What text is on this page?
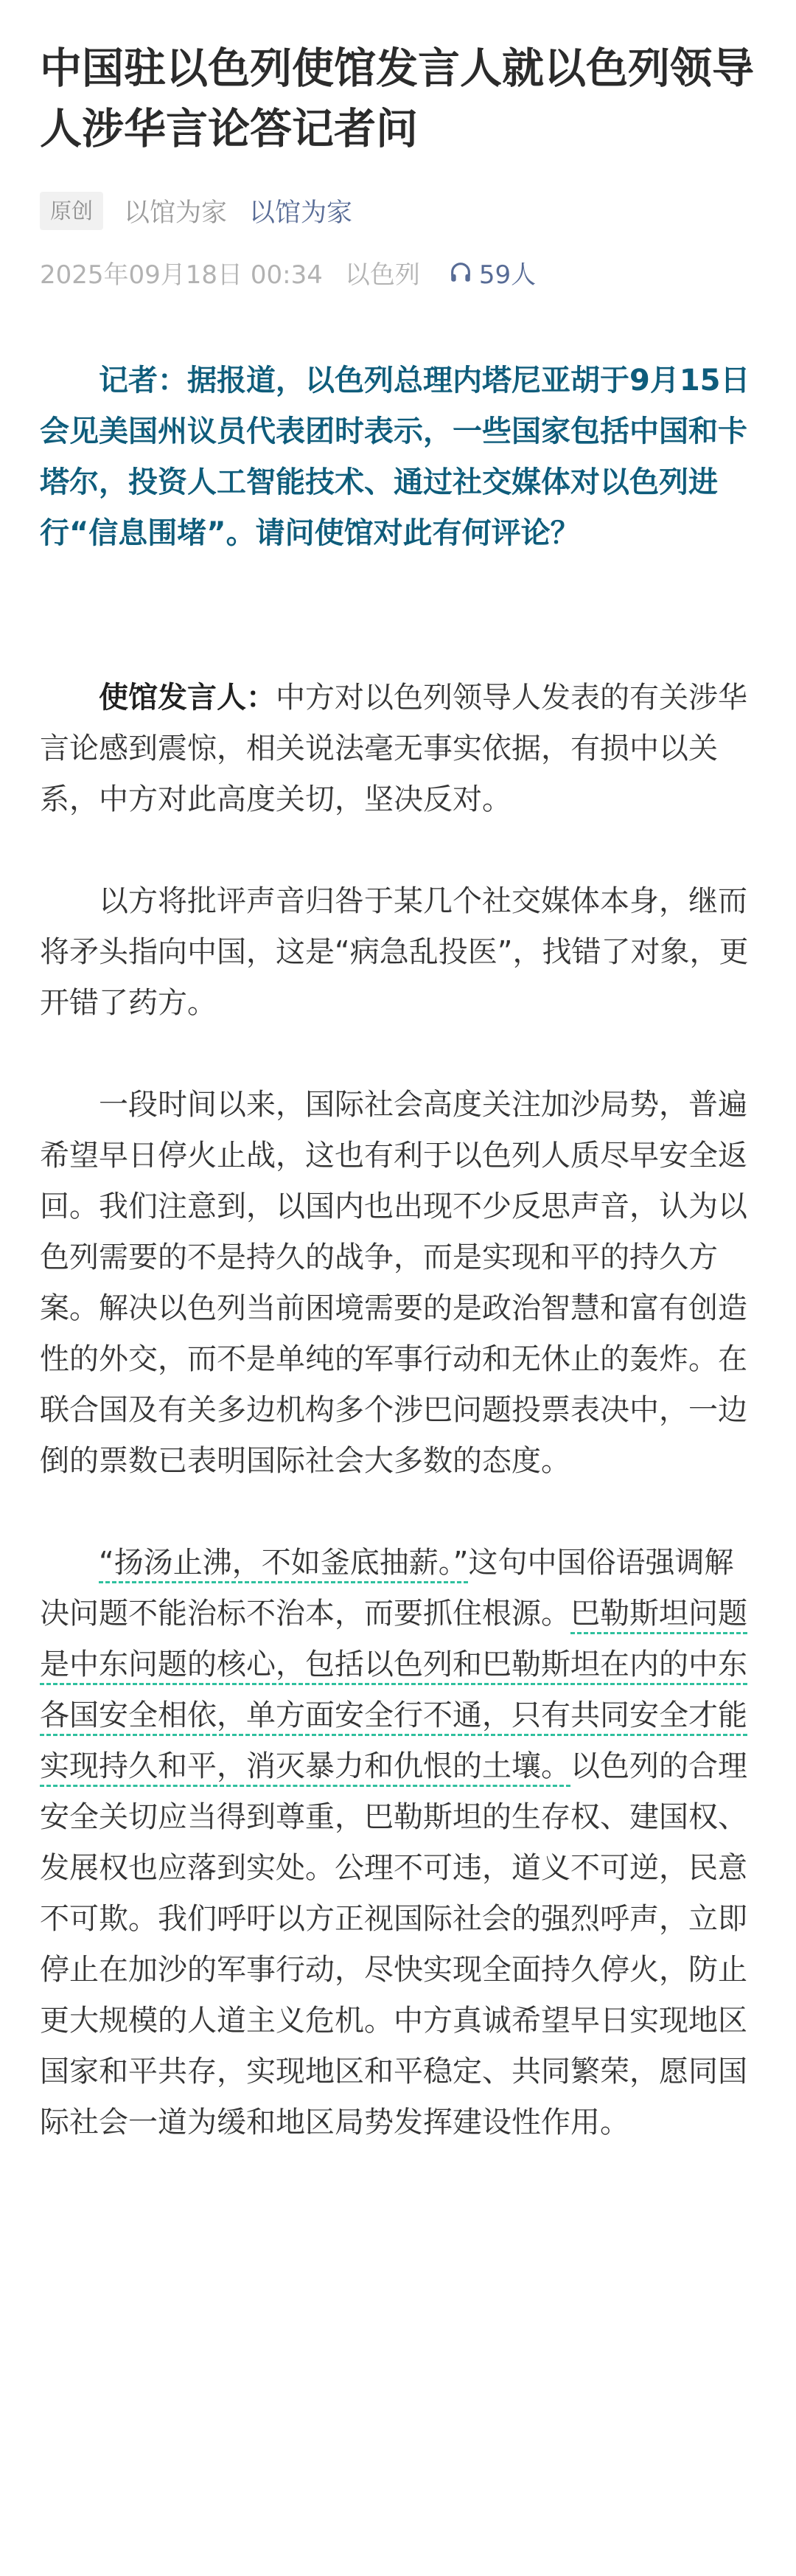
中国驻以色列使馆发言人就以色列领导人涉华言论答记者问
原创	以馆为家 以馆为家
2025年09月18日 00:34 以色列 59人

记者：据报道，以色列总理内塔尼亚胡于9月15日会见美国州议员代表团时表示，一些国家包括中国和卡塔尔，投资人工智能技术、通过社交媒体对以色列进行“信息围堵”。请问使馆对此有何评论？

使馆发言人：中方对以色列领导人发表的有关涉华言论感到震惊，相关说法毫无事实依据，有损中以关系，中方对此高度关切，坚决反对。

以方将批评声音归咎于某几个社交媒体本身，继而将矛头指向中国，这是“病急乱投医”，找错了对象，更开错了药方。

一段时间以来，国际社会高度关注加沙局势，普遍希望早日停火止战，这也有利于以色列人质尽早安全返回。我们注意到，以国内也出现不少反思声音，认为以色列需要的不是持久的战争，而是实现和平的持久方案。解决以色列当前困境需要的是政治智慧和富有创造性的外交，而不是单纯的军事行动和无休止的轰炸。在联合国及有关多边机构多个涉巴问题投票表决中，一边倒的票数已表明国际社会大多数的态度。

“扬汤止沸，不如釜底抽薪。”这句中国俗语强调解决问题不能治标不治本，而要抓住根源。巴勒斯坦问题是中东问题的核心，包括以色列和巴勒斯坦在内的中东各国安全相依，单方面安全行不通，只有共同安全才能实现持久和平，消灭暴力和仇恨的土壤。以色列的合理安全关切应当得到尊重，巴勒斯坦的生存权、建国权、发展权也应落到实处。公理不可违，道义不可逆，民意不可欺。我们呼吁以方正视国际社会的强烈呼声，立即停止在加沙的军事行动，尽快实现全面持久停火，防止更大规模的人道主义危机。中方真诚希望早日实现地区国家和平共存，实现地区和平稳定、共同繁荣，愿同国际社会一道为缓和地区局势发挥建设性作用。
